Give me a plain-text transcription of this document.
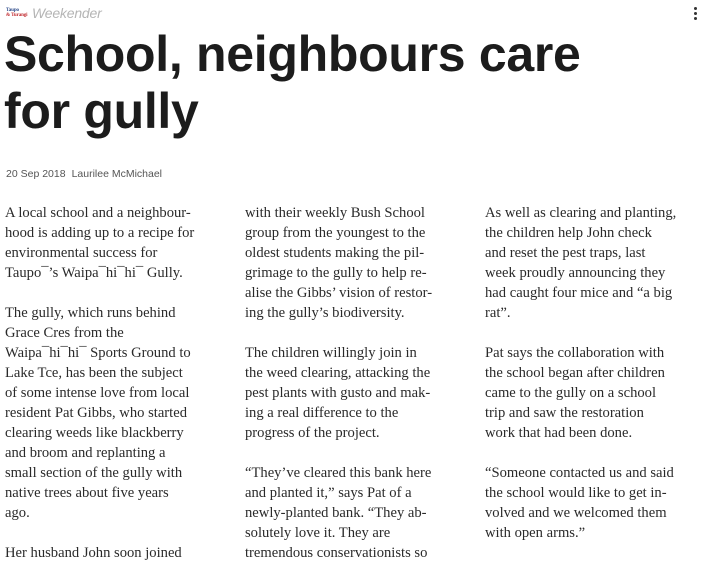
Taupo
& Turangi Weekender
School, neighbours care
for gully
20 Sep 2018 Laurilee McMichael

A local school and a neighbour-
hood is adding up to a recipe for
environmental success for
Taupo¯’s Waipa¯hi¯hi¯ Gully.

The gully, which runs behind
Grace Cres from the
Waipa¯hi¯hi¯ Sports Ground to
Lake Tce, has been the subject
of some intense love from local
resident Pat Gibbs, who started
clearing weeds like blackberry
and broom and replanting a
small section of the gully with
native trees about five years
ago.

Her husband John soon joined

with their weekly Bush School
group from the youngest to the
oldest students making the pil-
grimage to the gully to help re-
alise the Gibbs’ vision of restor-
ing the gully’s biodiversity.

The children willingly join in
the weed clearing, attacking the
pest plants with gusto and mak-
ing a real difference to the
progress of the project.

“They’ve cleared this bank here
and planted it,” says Pat of a
newly-planted bank. “They ab-
solutely love it. They are
tremendous conservationists so

As well as clearing and planting,
the children help John check
and reset the pest traps, last
week proudly announcing they
had caught four mice and “a big
rat”.

Pat says the collaboration with
the school began after children
came to the gully on a school
trip and saw the restoration
work that had been done.

“Someone contacted us and said
the school would like to get in-
volved and we welcomed them
with open arms.”
